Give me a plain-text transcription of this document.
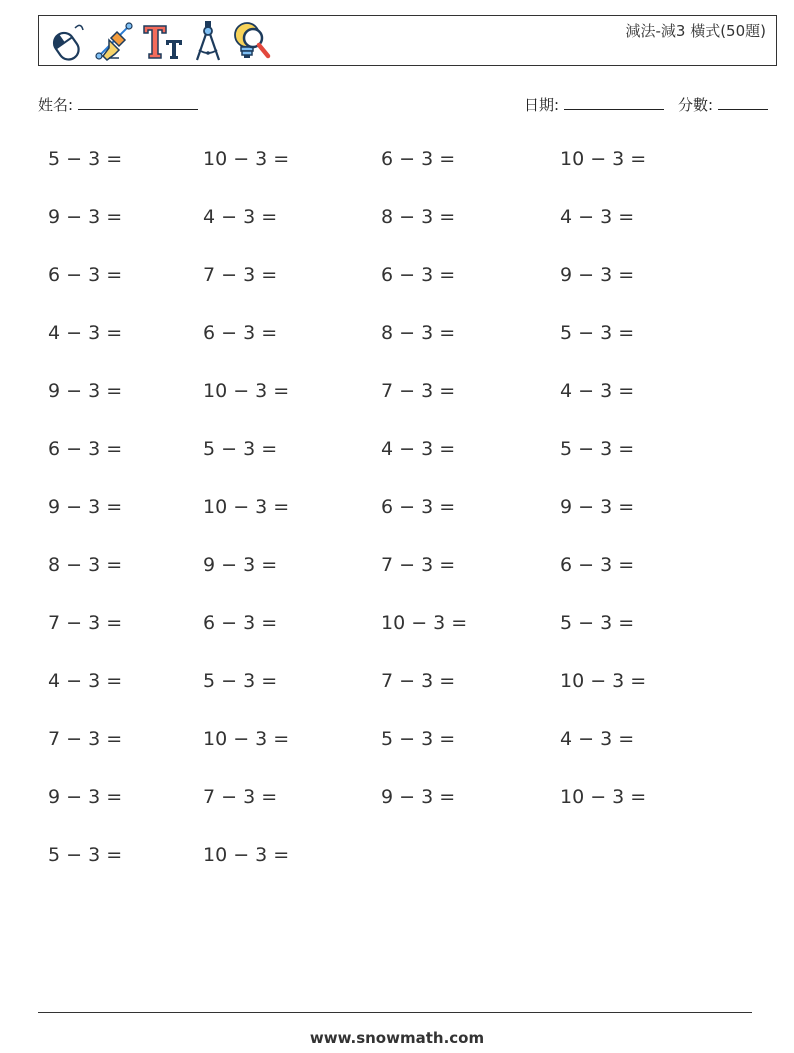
減法-減3 橫式(50題)
姓名:	日期:	分數:
5 − 3 =	10 − 3 =	6 − 3 =	10 − 3 =
9 − 3 =	4 − 3 =	8 − 3 =	4 − 3 =
6 − 3 =	7 − 3 =	6 − 3 =	9 − 3 =
4 − 3 =	6 − 3 =	8 − 3 =	5 − 3 =
9 − 3 =	10 − 3 =	7 − 3 =	4 − 3 =
6 − 3 =	5 − 3 =	4 − 3 =	5 − 3 =
9 − 3 =	10 − 3 =	6 − 3 =	9 − 3 =
8 − 3 =	9 − 3 =	7 − 3 =	6 − 3 =
7 − 3 =	6 − 3 =	10 − 3 =	5 − 3 =
4 − 3 =	5 − 3 =	7 − 3 =	10 − 3 =
7 − 3 =	10 − 3 =	5 − 3 =	4 − 3 =
9 − 3 =	7 − 3 =	9 − 3 =	10 − 3 =
5 − 3 =	10 − 3 =
www.snowmath.com
